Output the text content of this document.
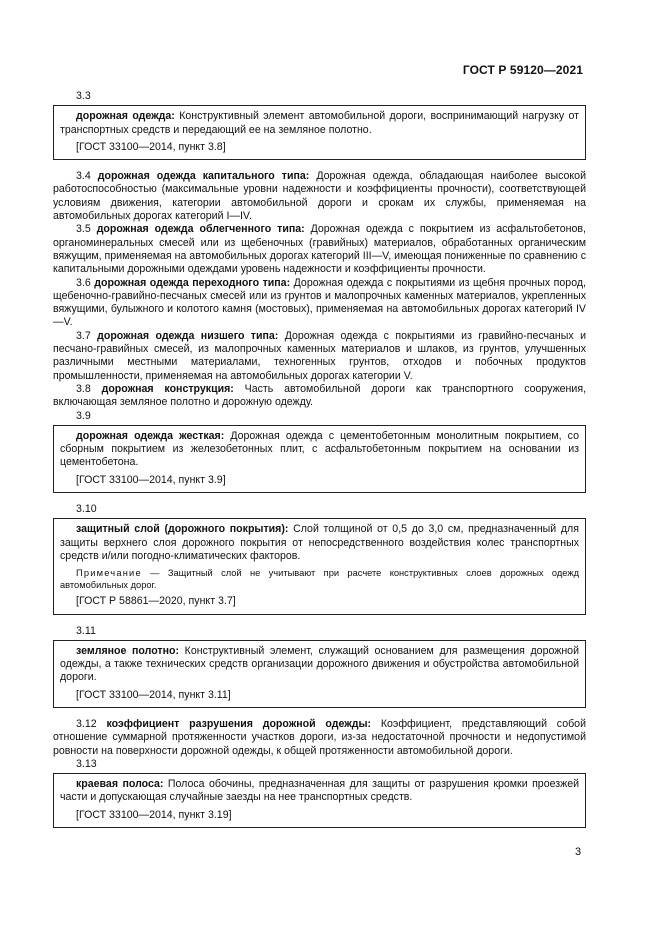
ГОСТ Р 59120—2021

3.3

дорожная одежда: Конструктивный элемент автомобильной дороги, воспринимающий нагрузку от транспортных средств и передающий ее на земляное полотно.

[ГОСТ 33100—2014, пункт 3.8]

3.4 дорожная одежда капитального типа: Дорожная одежда, обладающая наиболее высокой работоспособностью (максимальные уровни надежности и коэффициенты прочности), соответствующей условиям движения, категории автомобильной дороги и срокам их службы, применяемая на автомобильных дорогах категорий I—IV.

3.5 дорожная одежда облегченного типа: Дорожная одежда с покрытием из асфальтобетонов, органоминеральных смесей или из щебеночных (гравийных) материалов, обработанных органическим вяжущим, применяемая на автомобильных дорогах категорий III—V, имеющая пониженные по сравнению с капитальными дорожными одеждами уровень надежности и коэффициенты прочности.

3.6 дорожная одежда переходного типа: Дорожная одежда с покрытиями из щебня прочных пород, щебеночно-гравийно-песчаных смесей или из грунтов и малопрочных каменных материалов, укрепленных вяжущими, булыжного и колотого камня (мостовых), применяемая на автомобильных дорогах категорий IV—V.

3.7 дорожная одежда низшего типа: Дорожная одежда с покрытиями из гравийно-песчаных и песчано-гравийных смесей, из малопрочных каменных материалов и шлаков, из грунтов, улучшенных различными местными материалами, техногенных грунтов, отходов и побочных продуктов промышленности, применяемая на автомобильных дорогах категории V.

3.8 дорожная конструкция: Часть автомобильной дороги как транспортного сооружения, включающая земляное полотно и дорожную одежду.

3.9

дорожная одежда жесткая: Дорожная одежда с цементобетонным монолитным покрытием, со сборным покрытием из железобетонных плит, с асфальтобетонным покрытием на основании из цементобетона.

[ГОСТ 33100—2014, пункт 3.9]

3.10

защитный слой (дорожного покрытия): Слой толщиной от 0,5 до 3,0 см, предназначенный для защиты верхнего слоя дорожного покрытия от непосредственного воздействия колес транспортных средств и/или погодно-климатических факторов.

Примечание — Защитный слой не учитывают при расчете конструктивных слоев дорожных одежд автомобильных дорог.

[ГОСТ Р 58861—2020, пункт 3.7]

3.11

земляное полотно: Конструктивный элемент, служащий основанием для размещения дорожной одежды, а также технических средств организации дорожного движения и обустройства автомобильной дороги.

[ГОСТ 33100—2014, пункт 3.11]

3.12 коэффициент разрушения дорожной одежды: Коэффициент, представляющий собой отношение суммарной протяженности участков дороги, из-за недостаточной прочности и недопустимой ровности на поверхности дорожной одежды, к общей протяженности автомобильной дороги.

3.13

краевая полоса: Полоса обочины, предназначенная для защиты от разрушения кромки проезжей части и допускающая случайные заезды на нее транспортных средств.

[ГОСТ 33100—2014, пункт 3.19]

3
